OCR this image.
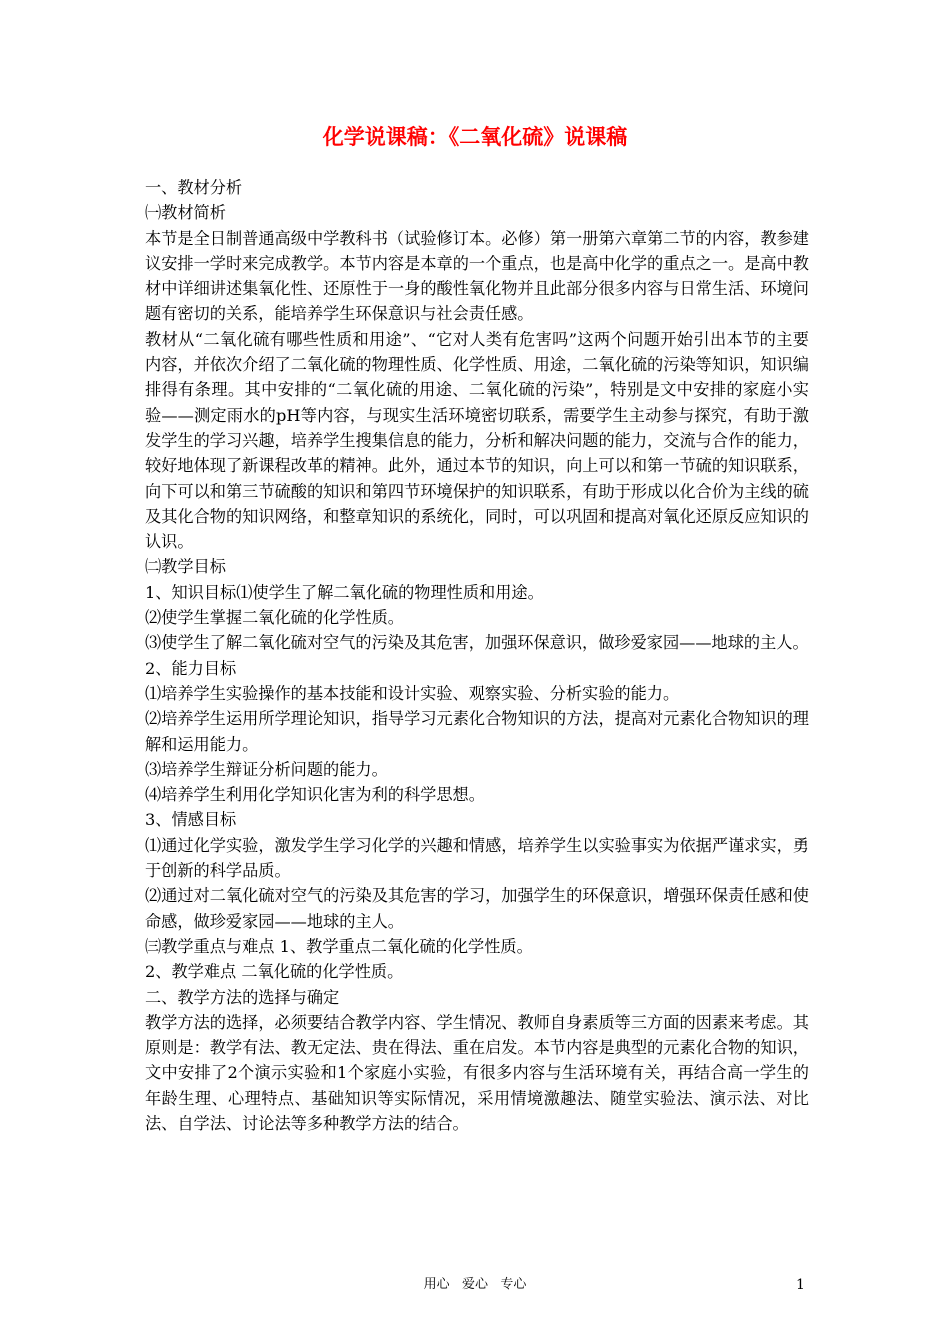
化学说课稿：《二氧化硫》说课稿

一、教材分析

㈠教材简析

本节是全日制普通高级中学教科书（试验修订本。必修）第一册第六章第二节的内容，教参建议安排一学时来完成教学。本节内容是本章的一个重点，也是高中化学的重点之一。是高中教材中详细讲述集氧化性、还原性于一身的酸性氧化物并且此部分很多内容与日常生活、环境问题有密切的关系，能培养学生环保意识与社会责任感。

教材从“二氧化硫有哪些性质和用途”、“它对人类有危害吗”这两个问题开始引出本节的主要内容，并依次介绍了二氧化硫的物理性质、化学性质、用途，二氧化硫的污染等知识，知识编排得有条理。其中安排的“二氧化硫的用途、二氧化硫的污染”，特别是文中安排的家庭小实验——测定雨水的pH等内容，与现实生活环境密切联系，需要学生主动参与探究，有助于激发学生的学习兴趣，培养学生搜集信息的能力，分析和解决问题的能力，交流与合作的能力，较好地体现了新课程改革的精神。此外，通过本节的知识，向上可以和第一节硫的知识联系，向下可以和第三节硫酸的知识和第四节环境保护的知识联系，有助于形成以化合价为主线的硫及其化合物的知识网络，和整章知识的系统化，同时，可以巩固和提高对氧化还原反应知识的认识。

㈡教学目标

1、知识目标⑴使学生了解二氧化硫的物理性质和用途。

⑵使学生掌握二氧化硫的化学性质。

⑶使学生了解二氧化硫对空气的污染及其危害，加强环保意识，做珍爱家园——地球的主人。

2、能力目标

⑴培养学生实验操作的基本技能和设计实验、观察实验、分析实验的能力。

⑵培养学生运用所学理论知识，指导学习元素化合物知识的方法，提高对元素化合物知识的理解和运用能力。

⑶培养学生辩证分析问题的能力。

⑷培养学生利用化学知识化害为利的科学思想。

3、情感目标

⑴通过化学实验，激发学生学习化学的兴趣和情感，培养学生以实验事实为依据严谨求实，勇于创新的科学品质。

⑵通过对二氧化硫对空气的污染及其危害的学习，加强学生的环保意识，增强环保责任感和使命感，做珍爱家园——地球的主人。

㈢教学重点与难点 1、教学重点二氧化硫的化学性质。

2、教学难点 二氧化硫的化学性质。

二、教学方法的选择与确定

教学方法的选择，必须要结合教学内容、学生情况、教师自身素质等三方面的因素来考虑。其原则是：教学有法、教无定法、贵在得法、重在启发。本节内容是典型的元素化合物的知识，文中安排了2个演示实验和1个家庭小实验，有很多内容与生活环境有关，再结合高一学生的年龄生理、心理特点、基础知识等实际情况，采用情境激趣法、随堂实验法、演示法、对比法、自学法、讨论法等多种教学方法的结合。

用心   爱心   专心	1
